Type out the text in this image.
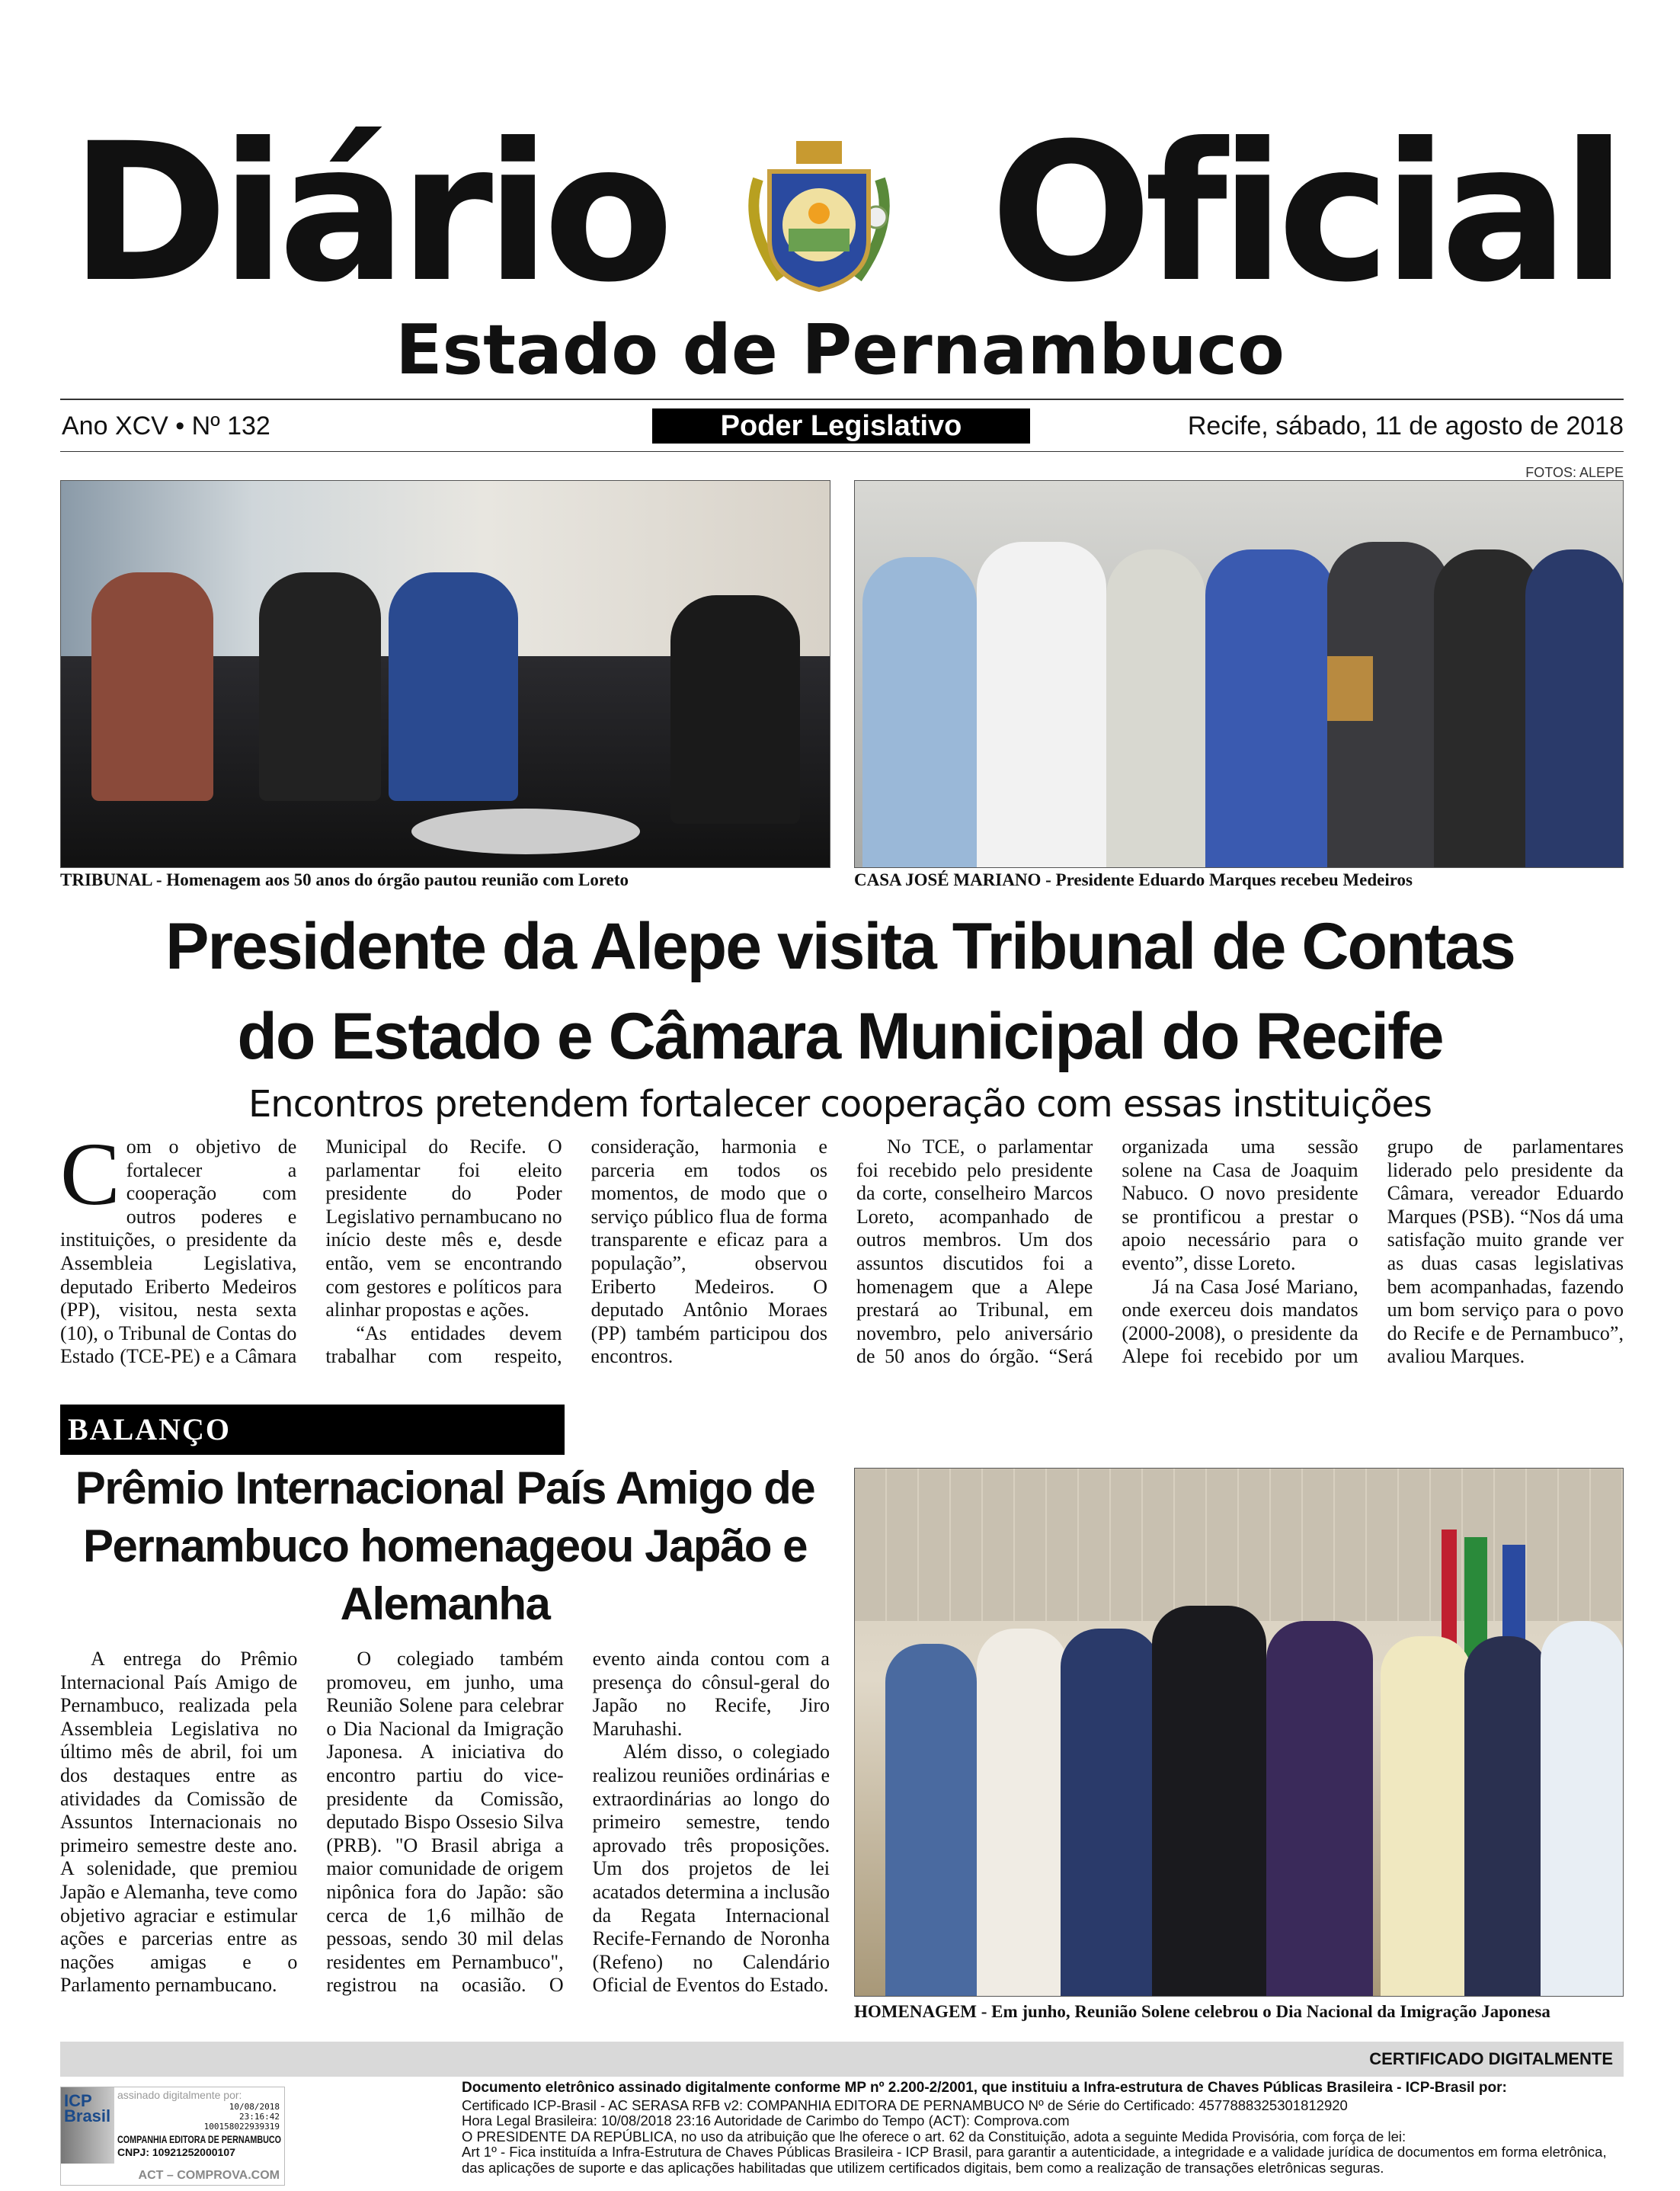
Diário Oficial
Estado de Pernambuco
Ano XCV • Nº 132	Poder Legislativo	Recife, sábado, 11 de agosto de 2018
FOTOS: ALEPE
TRIBUNAL - Homenagem aos 50 anos do órgão pautou reunião com Loreto	CASA JOSÉ MARIANO - Presidente Eduardo Marques recebeu Medeiros
Presidente da Alepe visita Tribunal de Contas
do Estado e Câmara Municipal do Recife
Encontros pretendem fortalecer cooperação com essas instituições

Com o objetivo de fortalecer a cooperação com outros poderes e instituições, o presidente da Assembleia Legislativa, deputado Eriberto Medeiros (PP), visitou, nesta sexta (10), o Tribunal de Contas do Estado (TCE-PE) e a Câmara Municipal do Recife. O parlamentar foi eleito presidente do Poder Legislativo pernambucano no início deste mês e, desde então, vem se encontrando com gestores e políticos para alinhar propostas e ações.

“As entidades devem trabalhar com respeito, consideração, harmonia e parceria em todos os momentos, de modo que o serviço público flua de forma transparente e eficaz para a população”, observou Eriberto Medeiros. O deputado Antônio Moraes (PP) também participou dos encontros.

No TCE, o parlamentar foi recebido pelo presidente da corte, conselheiro Marcos Loreto, acompanhado de outros membros. Um dos assuntos discutidos foi a homenagem que a Alepe prestará ao Tribunal, em novembro, pelo aniversário de 50 anos do órgão. “Será organizada uma sessão solene na Casa de Joaquim Nabuco. O novo presidente se prontificou a prestar o apoio necessário para o evento”, disse Loreto.

Já na Casa José Mariano, onde exerceu dois mandatos (2000-2008), o presidente da Alepe foi recebido por um grupo de parlamentares liderado pelo presidente da Câmara, vereador Eduardo Marques (PSB). “Nos dá uma satisfação muito grande ver as duas casas legislativas bem acompanhadas, fazendo um bom serviço para o povo do Recife e de Pernambuco”, avaliou Marques.

BALANÇO
Prêmio Internacional País Amigo de Pernambuco homenageou Japão e Alemanha

A entrega do Prêmio Internacional País Amigo de Pernambuco, realizada pela Assembleia Legislativa no último mês de abril, foi um dos destaques entre as atividades da Comissão de Assuntos Internacionais no primeiro semestre deste ano. A solenidade, que premiou Japão e Alemanha, teve como objetivo agraciar e estimular ações e parcerias entre as nações amigas e o Parlamento pernambucano.

O colegiado também promoveu, em junho, uma Reunião Solene para celebrar o Dia Nacional da Imigração Japonesa. A iniciativa do encontro partiu do vice-presidente da Comissão, deputado Bispo Ossesio Silva (PRB). "O Brasil abriga a maior comunidade de origem nipônica fora do Japão: são cerca de 1,6 milhão de pessoas, sendo 30 mil delas residentes em Pernambuco", registrou na ocasião. O evento ainda contou com a presença do cônsul-geral do Japão no Recife, Jiro Maruhashi.

Além disso, o colegiado realizou reuniões ordinárias e extraordinárias ao longo do primeiro semestre, tendo aprovado três proposições. Um dos projetos de lei acatados determina a inclusão da Regata Internacional Recife-Fernando de Noronha (Refeno) no Calendário Oficial de Eventos do Estado.

HOMENAGEM - Em junho, Reunião Solene celebrou o Dia Nacional da Imigração Japonesa
CERTIFICADO DIGITALMENTE
ICP Brasil
assinado digitalmente por:
10/08/2018
23:16:42
100158022939319
COMPANHIA EDITORA DE PERNAMBUCO
CNPJ: 10921252000107
ACT – COMPROVA.COM
Documento eletrônico assinado digitalmente conforme MP nº 2.200-2/2001, que instituiu a Infra-estrutura de Chaves Públicas Brasileira - ICP-Brasil por:
Certificado ICP-Brasil - AC SERASA RFB v2: COMPANHIA EDITORA DE PERNAMBUCO Nº de Série do Certificado: 4577888325301812920
Hora Legal Brasileira: 10/08/2018 23:16 Autoridade de Carimbo do Tempo (ACT): Comprova.com
O PRESIDENTE DA REPÚBLICA, no uso da atribuição que lhe oferece o art. 62 da Constituição, adota a seguinte Medida Provisória, com força de lei:
Art 1º - Fica instituída a Infra-Estrutura de Chaves Públicas Brasileira - ICP Brasil, para garantir a autenticidade, a integridade e a validade jurídica de documentos em forma eletrônica,
das aplicações de suporte e das aplicações habilitadas que utilizem certificados digitais, bem como a realização de transações eletrônicas seguras.
